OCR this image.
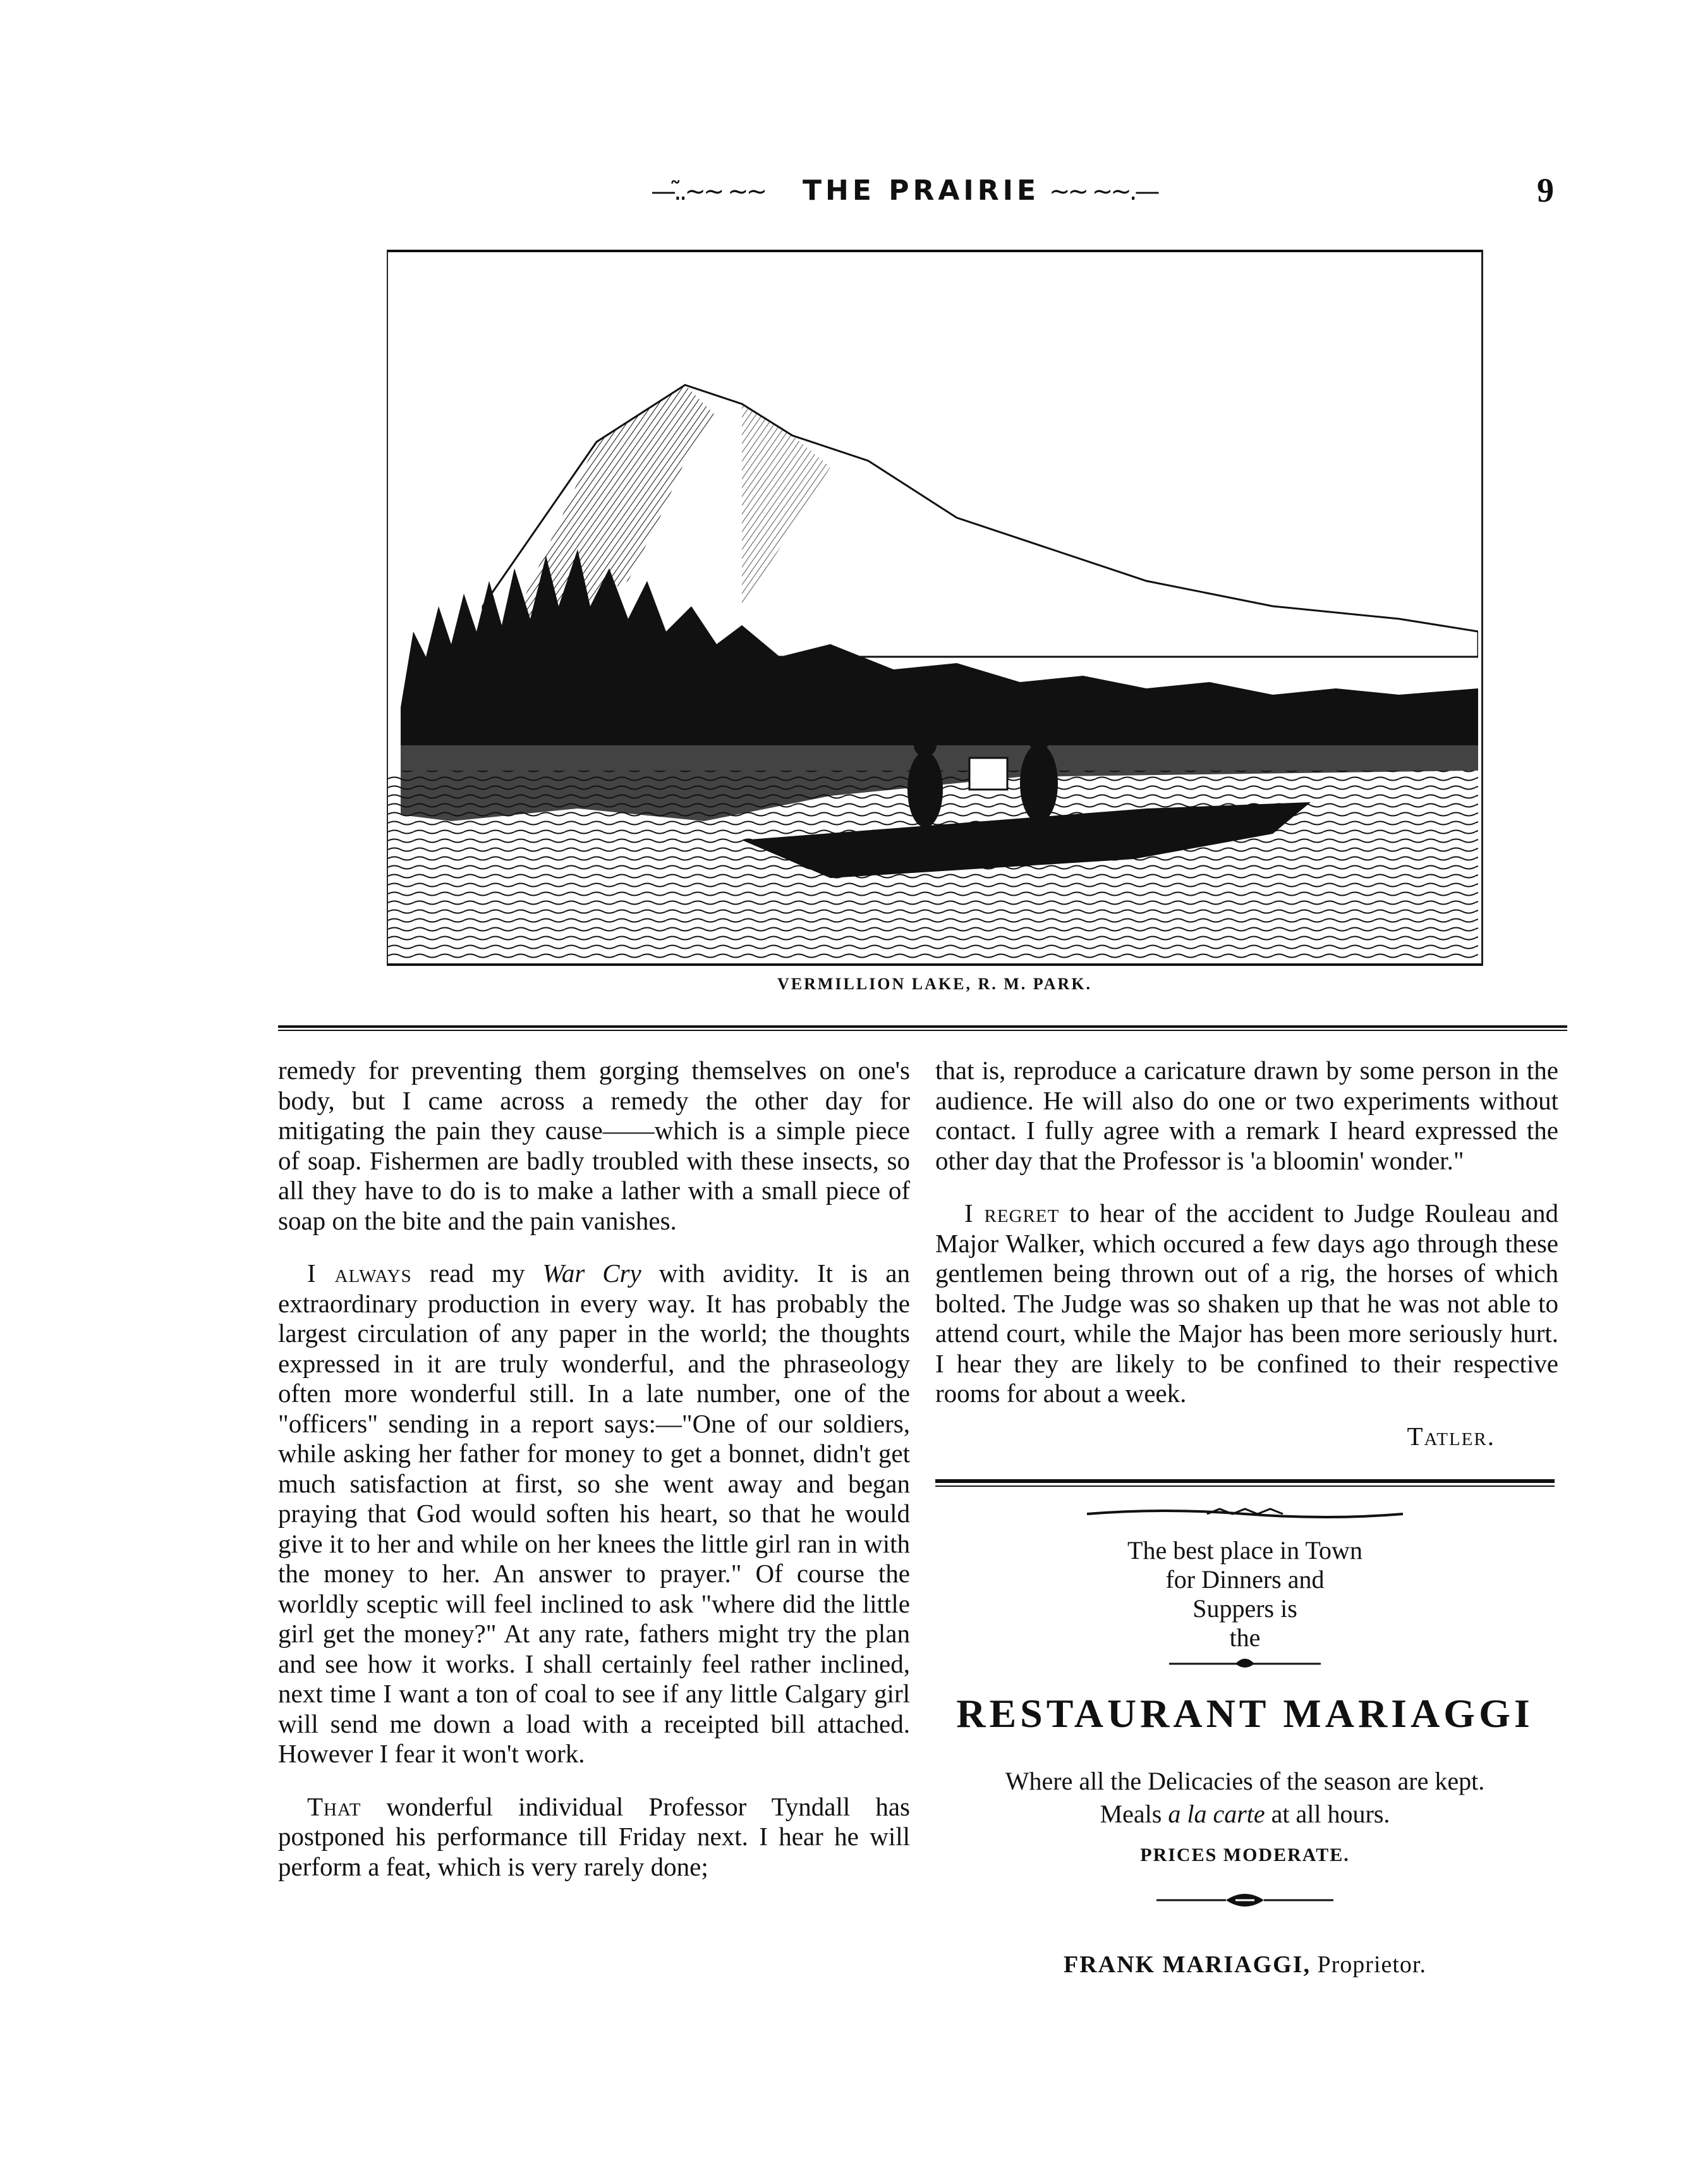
—.̃.~~ ~~ THE PRAIRIE ~~ ~~.—	9
VERMILLION LAKE, R. M. PARK.

remedy for preventing them gorging themselves on one's body, but I came across a remedy the other day for mitigating the pain they cause——which is a simple piece of soap. Fishermen are badly troubled with these insects, so all they have to do is to make a lather with a small piece of soap on the bite and the pain vanishes.

I always read my War Cry with avidity. It is an extraordinary production in every way. It has probably the largest circulation of any paper in the world; the thoughts expressed in it are truly wonderful, and the phraseology often more wonderful still. In a late number, one of the "officers" sending in a report says:—"One of our soldiers, while asking her father for money to get a bonnet, didn't get much satisfaction at first, so she went away and began praying that God would soften his heart, so that he would give it to her and while on her knees the little girl ran in with the money to her. An answer to prayer." Of course the worldly sceptic will feel inclined to ask "where did the little girl get the money?" At any rate, fathers might try the plan and see how it works. I shall certainly feel rather inclined, next time I want a ton of coal to see if any little Calgary girl will send me down a load with a receipted bill attached. However I fear it won't work.

That wonderful individual Professor Tyndall has postponed his performance till Friday next. I hear he will perform a feat, which is very rarely done;

that is, reproduce a caricature drawn by some person in the audience. He will also do one or two experiments without contact. I fully agree with a remark I heard expressed the other day that the Professor is 'a bloomin' wonder."

I regret to hear of the accident to Judge Rouleau and Major Walker, which occured a few days ago through these gentlemen being thrown out of a rig, the horses of which bolted. The Judge was so shaken up that he was not able to attend court, while the Major has been more seriously hurt. I hear they are likely to be confined to their respective rooms for about a week.

Tatler.

The best place in Town
for Dinners and
Suppers is
the
RESTAURANT MARIAGGI
Where all the Delicacies of the season are kept.
Meals a la carte at all hours.
PRICES MODERATE.
FRANK MARIAGGI, Proprietor.
